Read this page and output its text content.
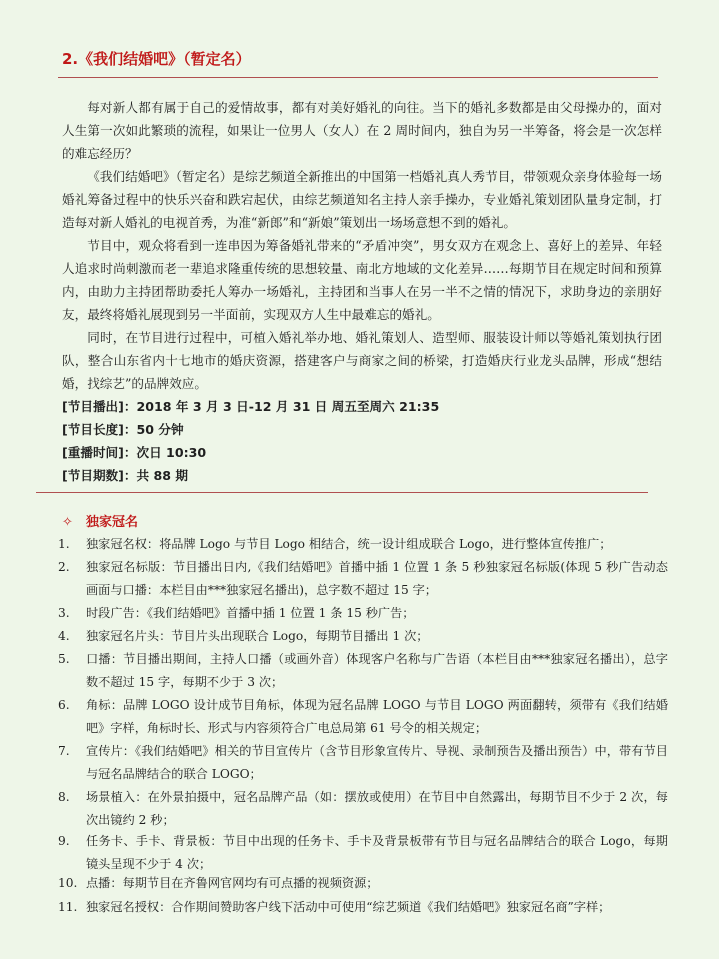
2.《我们结婚吧》（暂定名）
每对新人都有属于自己的爱情故事，都有对美好婚礼的向往。当下的婚礼多数都是由父母操办的，面对人生第一次如此繁琐的流程，如果让一位男人（女人）在 2 周时间内，独自为另一半筹备，将会是一次怎样的难忘经历？
《我们结婚吧》（暂定名）是综艺频道全新推出的中国第一档婚礼真人秀节目，带领观众亲身体验每一场婚礼筹备过程中的快乐兴奋和跌宕起伏，由综艺频道知名主持人亲手操办，专业婚礼策划团队量身定制，打造每对新人婚礼的电视首秀，为准“新郎”和“新娘”策划出一场场意想不到的婚礼。
节目中，观众将看到一连串因为筹备婚礼带来的“矛盾冲突”，男女双方在观念上、喜好上的差异、年轻人追求时尚刺激而老一辈追求隆重传统的思想较量、南北方地域的文化差异……每期节目在规定时间和预算内，由助力主持团帮助委托人筹办一场婚礼，主持团和当事人在另一半不之情的情况下，求助身边的亲朋好友，最终将婚礼展现到另一半面前，实现双方人生中最难忘的婚礼。
同时，在节目进行过程中，可植入婚礼举办地、婚礼策划人、造型师、服装设计师以等婚礼策划执行团队，整合山东省内十七地市的婚庆资源，搭建客户与商家之间的桥梁，打造婚庆行业龙头品牌，形成“想结婚，找综艺”的品牌效应。
[节目播出]：2018 年 3 月 3 日-12 月 31 日 周五至周六 21:35
[节目长度]：50 分钟
[重播时间]：次日 10:30
[节目期数]：共 88 期
✧ 独家冠名
1.	独家冠名权：将品牌 Logo 与节目 Logo 相结合，统一设计组成联合 Logo，进行整体宣传推广；
2.	独家冠名标版：节目播出日内,《我们结婚吧》首播中插 1 位置 1 条 5 秒独家冠名标版(体现 5 秒广告动态画面与口播：本栏目由***独家冠名播出)，总字数不超过 15 字；
3.	时段广告：《我们结婚吧》首播中插 1 位置 1 条 15 秒广告；
4.	独家冠名片头：节目片头出现联合 Logo，每期节目播出 1 次；
5.	口播：节目播出期间，主持人口播（或画外音）体现客户名称与广告语（本栏目由***独家冠名播出），总字数不超过 15 字，每期不少于 3 次；
6.	角标：品牌 LOGO 设计成节目角标，体现为冠名品牌 LOGO 与节目 LOGO 两面翻转，须带有《我们结婚吧》字样，角标时长、形式与内容须符合广电总局第 61 号令的相关规定；
7.	宣传片：《我们结婚吧》相关的节目宣传片（含节目形象宣传片、导视、录制预告及播出预告）中，带有节目与冠名品牌结合的联合 LOGO；
8.	场景植入：在外景拍摄中，冠名品牌产品（如：摆放或使用）在节目中自然露出，每期节目不少于 2 次，每次出镜约 2 秒；
9.	任务卡、手卡、背景板：节目中出现的任务卡、手卡及背景板带有节目与冠名品牌结合的联合 Logo，每期镜头呈现不少于 4 次；
10. 点播：每期节目在齐鲁网官网均有可点播的视频资源；
11. 独家冠名授权：合作期间赞助客户线下活动中可使用“综艺频道《我们结婚吧》独家冠名商”字样；
